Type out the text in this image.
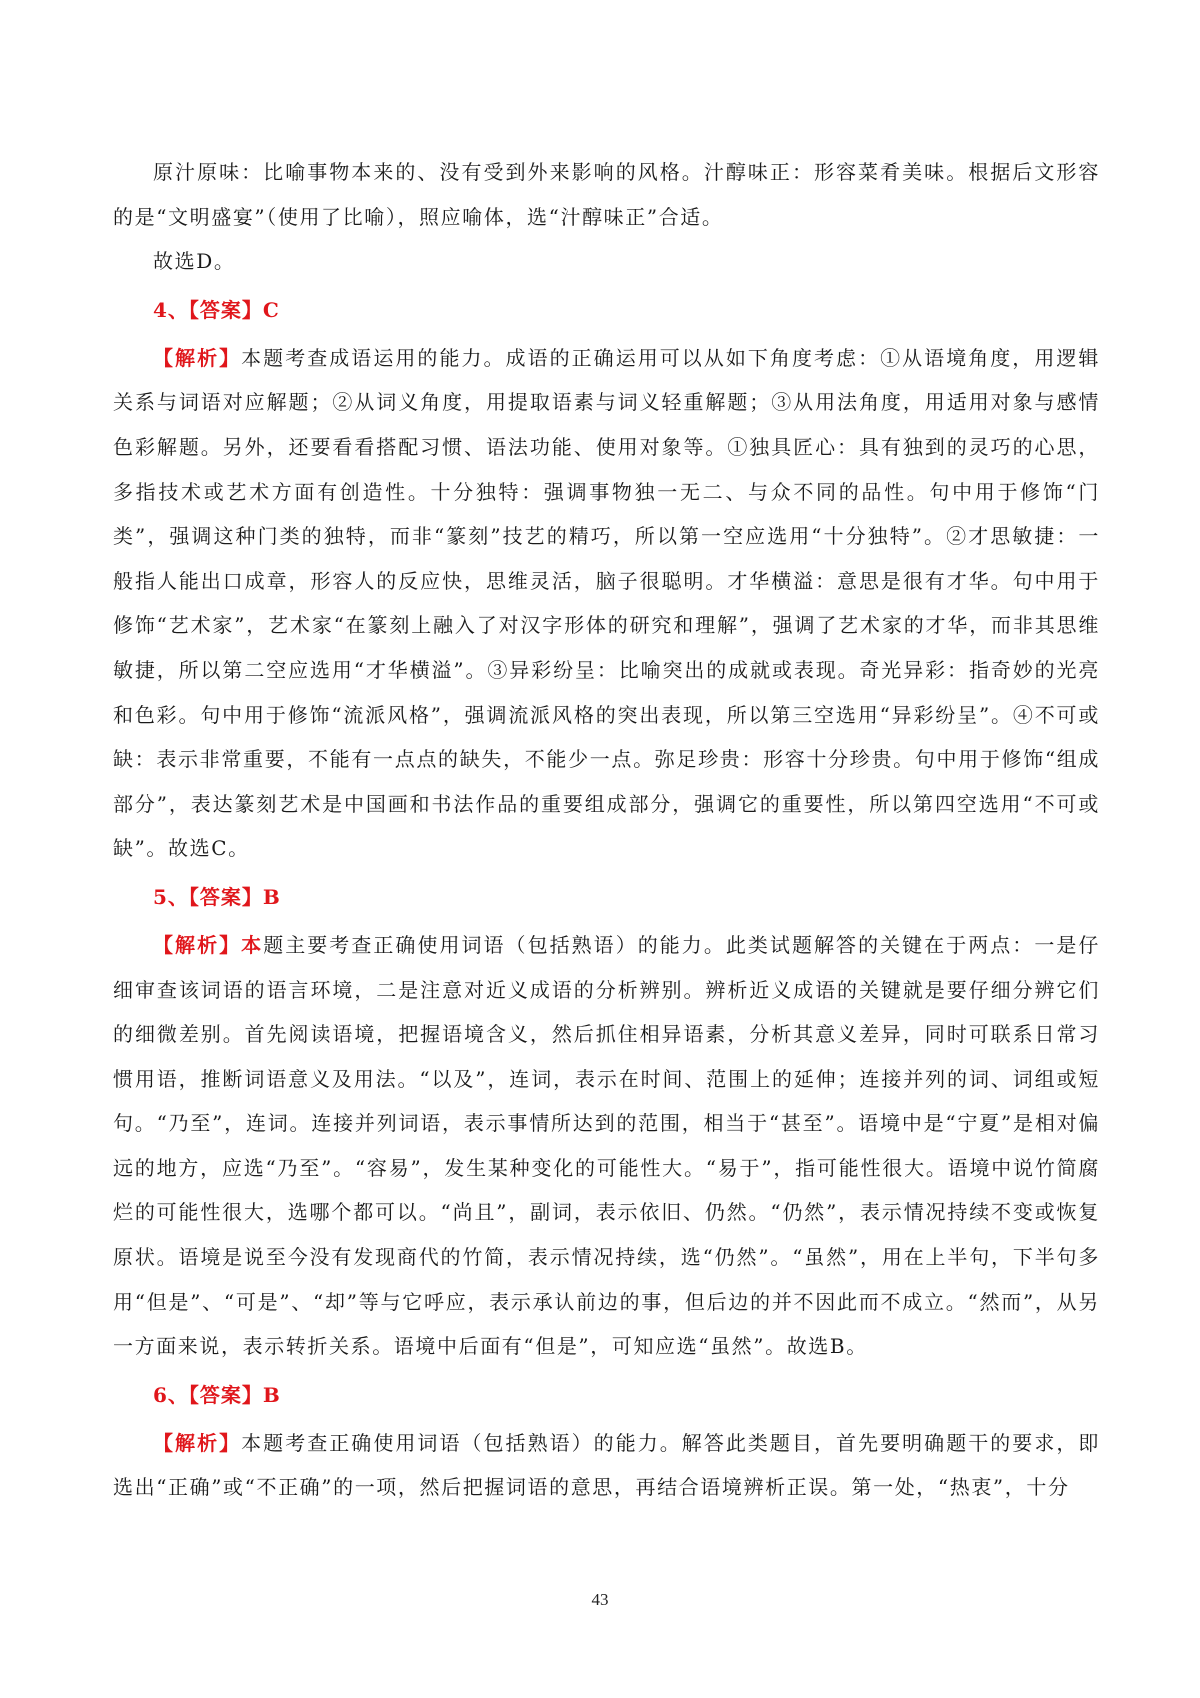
原汁原味：比喻事物本来的、没有受到外来影响的风格。汁醇味正：形容菜肴美味。根据后文形容的是“文明盛宴”（使用了比喻），照应喻体，选“汁醇味正”合适。

故选D。

4、【答案】C

【解析】本题考查成语运用的能力。成语的正确运用可以从如下角度考虑：①从语境角度，用逻辑关系与词语对应解题；②从词义角度，用提取语素与词义轻重解题；③从用法角度，用适用对象与感情色彩解题。另外，还要看看搭配习惯、语法功能、使用对象等。①独具匠心：具有独到的灵巧的心思，多指技术或艺术方面有创造性。十分独特：强调事物独一无二、与众不同的品性。句中用于修饰“门类”，强调这种门类的独特，而非“篆刻”技艺的精巧，所以第一空应选用“十分独特”。②才思敏捷：一般指人能出口成章，形容人的反应快，思维灵活，脑子很聪明。才华横溢：意思是很有才华。句中用于修饰“艺术家”，艺术家“在篆刻上融入了对汉字形体的研究和理解”，强调了艺术家的才华，而非其思维敏捷，所以第二空应选用“才华横溢”。③异彩纷呈：比喻突出的成就或表现。奇光异彩：指奇妙的光亮和色彩。句中用于修饰“流派风格”，强调流派风格的突出表现，所以第三空选用“异彩纷呈”。④不可或缺：表示非常重要，不能有一点点的缺失，不能少一点。弥足珍贵：形容十分珍贵。句中用于修饰“组成部分”，表达篆刻艺术是中国画和书法作品的重要组成部分，强调它的重要性，所以第四空选用“不可或缺”。故选C。

5、【答案】B

【解析】本题主要考查正确使用词语（包括熟语）的能力。此类试题解答的关键在于两点：一是仔细审查该词语的语言环境，二是注意对近义成语的分析辨别。辨析近义成语的关键就是要仔细分辨它们的细微差别。首先阅读语境，把握语境含义，然后抓住相异语素，分析其意义差异，同时可联系日常习惯用语，推断词语意义及用法。“以及”，连词，表示在时间、范围上的延伸；连接并列的词、词组或短句。“乃至”，连词。连接并列词语，表示事情所达到的范围，相当于“甚至”。语境中是“宁夏”是相对偏远的地方，应选“乃至”。“容易”，发生某种变化的可能性大。“易于”，指可能性很大。语境中说竹简腐烂的可能性很大，选哪个都可以。“尚且”，副词，表示依旧、仍然。“仍然”，表示情况持续不变或恢复原状。语境是说至今没有发现商代的竹简，表示情况持续，选“仍然”。“虽然”，用在上半句，下半句多用“但是”、“可是”、“却”等与它呼应，表示承认前边的事，但后边的并不因此而不成立。“然而”，从另一方面来说，表示转折关系。语境中后面有“但是”，可知应选“虽然”。故选B。

6、【答案】B

【解析】本题考查正确使用词语（包括熟语）的能力。解答此类题目，首先要明确题干的要求，即选出“正确”或“不正确”的一项，然后把握词语的意思，再结合语境辨析正误。第一处，“热衷”，十分

43
